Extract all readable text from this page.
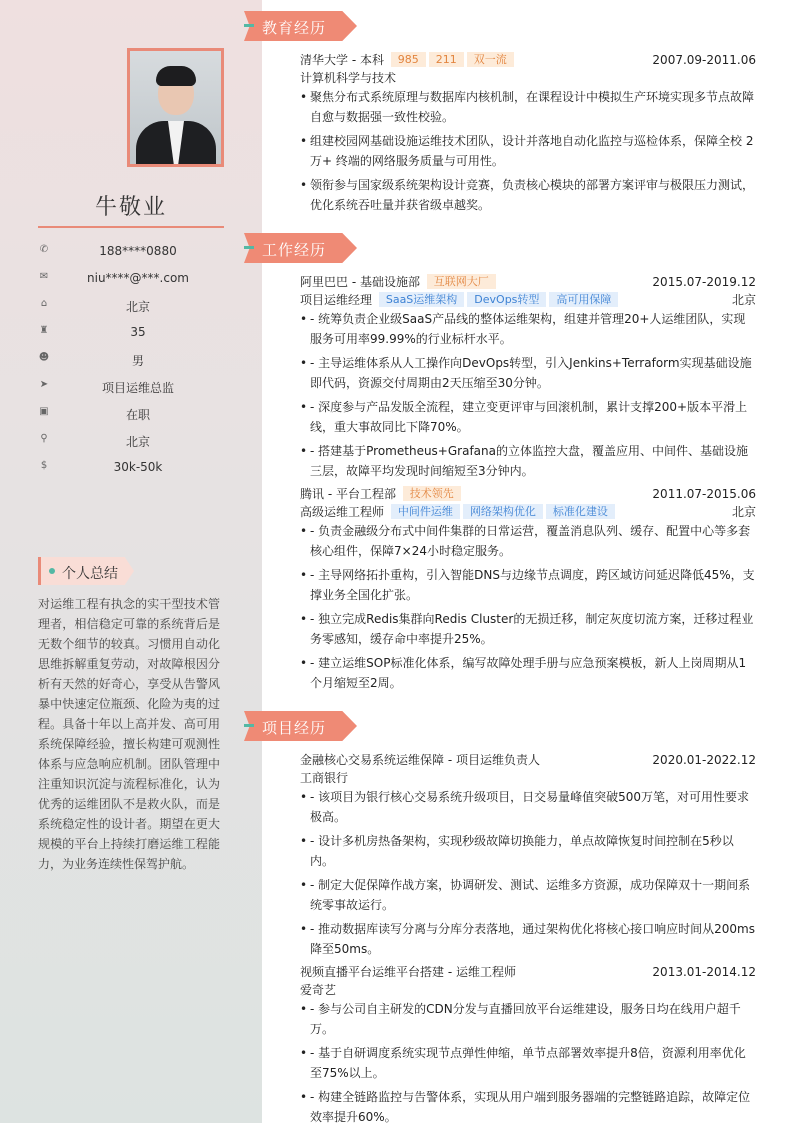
牛敬业
✆	188****0880
✉	niu****@***.com
⌂	北京
♜	35
☻	男
➤	项目运维总监
▣	在职
⚲	北京
$	30k-50k
个人总结
对运维工程有执念的实干型技术管理者，相信稳定可靠的系统背后是无数个细节的较真。习惯用自动化思维拆解重复劳动，对故障根因分析有天然的好奇心，享受从告警风暴中快速定位瓶颈、化险为夷的过程。具备十年以上高并发、高可用系统保障经验，擅长构建可观测性体系与应急响应机制。团队管理中注重知识沉淀与流程标准化，认为优秀的运维团队不是救火队，而是系统稳定性的设计者。期望在更大规模的平台上持续打磨运维工程能力，为业务连续性保驾护航。
教育经历
清华大学 - 本科 985 211 双一流	2007.09-2011.06
计算机科学与技术
• 聚焦分布式系统原理与数据库内核机制，在课程设计中模拟生产环境实现多节点故障自愈与数据强一致性校验。
• 组建校园网基础设施运维技术团队，设计并落地自动化监控与巡检体系，保障全校 2万+ 终端的网络服务质量与可用性。
• 领衔参与国家级系统架构设计竞赛，负责核心模块的部署方案评审与极限压力测试，优化系统吞吐量并获省级卓越奖。
工作经历
阿里巴巴 - 基础设施部 互联网大厂	2015.07-2019.12
项目运维经理 SaaS运维架构 DevOps转型 高可用保障	北京
• - 统筹负责企业级SaaS产品线的整体运维架构，组建并管理20+人运维团队，实现服务可用率99.99%的行业标杆水平。
• - 主导运维体系从人工操作向DevOps转型，引入Jenkins+Terraform实现基础设施即代码，资源交付周期由2天压缩至30分钟。
• - 深度参与产品发版全流程，建立变更评审与回滚机制，累计支撑200+版本平滑上线，重大事故同比下降70%。
• - 搭建基于Prometheus+Grafana的立体监控大盘，覆盖应用、中间件、基础设施三层，故障平均发现时间缩短至3分钟内。
腾讯 - 平台工程部 技术领先	2011.07-2015.06
高级运维工程师 中间件运维 网络架构优化 标准化建设	北京
• - 负责金融级分布式中间件集群的日常运营，覆盖消息队列、缓存、配置中心等多套核心组件，保障7×24小时稳定服务。
• - 主导网络拓扑重构，引入智能DNS与边缘节点调度，跨区域访问延迟降低45%，支撑业务全国化扩张。
• - 独立完成Redis集群向Redis Cluster的无损迁移，制定灰度切流方案，迁移过程业务零感知，缓存命中率提升25%。
• - 建立运维SOP标准化体系，编写故障处理手册与应急预案模板，新人上岗周期从1个月缩短至2周。
项目经历
金融核心交易系统运维保障 - 项目运维负责人	2020.01-2022.12
工商银行
• - 该项目为银行核心交易系统升级项目，日交易量峰值突破500万笔，对可用性要求极高。
• - 设计多机房热备架构，实现秒级故障切换能力，单点故障恢复时间控制在5秒以内。
• - 制定大促保障作战方案，协调研发、测试、运维多方资源，成功保障双十一期间系统零事故运行。
• - 推动数据库读写分离与分库分表落地，通过架构优化将核心接口响应时间从200ms降至50ms。
视频直播平台运维平台搭建 - 运维工程师	2013.01-2014.12
爱奇艺
• - 参与公司自主研发的CDN分发与直播回放平台运维建设，服务日均在线用户超千万。
• - 基于自研调度系统实现节点弹性伸缩，单节点部署效率提升8倍，资源利用率优化至75%以上。
• - 构建全链路监控与告警体系，实现从用户端到服务器端的完整链路追踪，故障定位效率提升60%。
